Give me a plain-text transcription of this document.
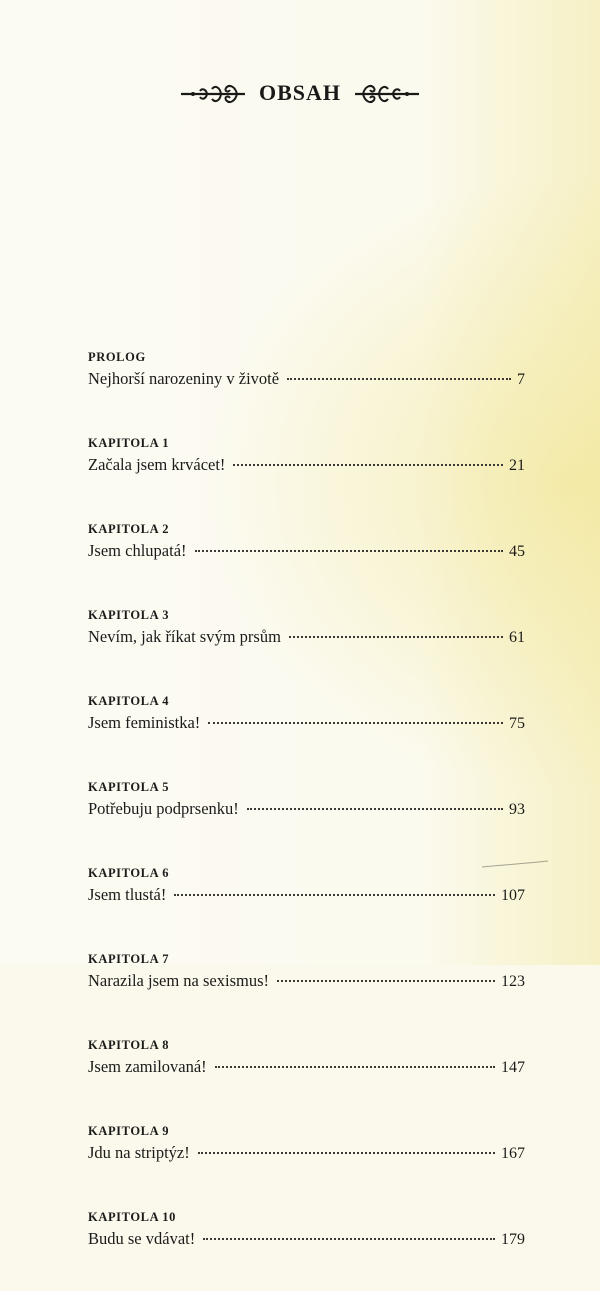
OBSAH
PROLOG
Nejhorší narozeniny v životě	7
KAPITOLA 1
Začala jsem krvácet!	21
KAPITOLA 2
Jsem chlupatá!	45
KAPITOLA 3
Nevím, jak říkat svým prsům	61
KAPITOLA 4
Jsem feministka!	75
KAPITOLA 5
Potřebuju podprsenku!	93
KAPITOLA 6
Jsem tlustá!	107
KAPITOLA 7
Narazila jsem na sexismus!	123
KAPITOLA 8
Jsem zamilovaná!	147
KAPITOLA 9
Jdu na striptýz!	167
KAPITOLA 10
Budu se vdávat!	179
